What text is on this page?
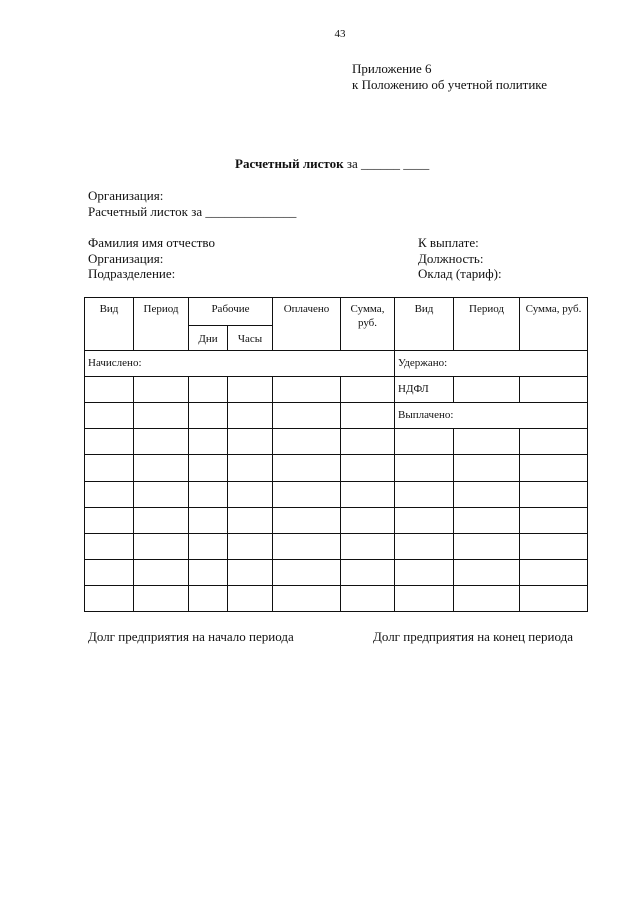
43
Приложение 6
к Положению об учетной политике
Расчетный листок за ______ ____
Организация:
Расчетный листок за ______________
Фамилия имя отчество
Организация:
Подразделение:
К выплате:
Должность:
Оклад (тариф):
Вид	Период	Рабочие		Оплачено	Сумма, руб.	Вид	Период	Сумма, руб.
		Дни	Часы					
Начислено:						Удержано:		
						НДФЛ		
						Выплачено:		

Долг предприятия на начало периода	Долг предприятия на конец периода
